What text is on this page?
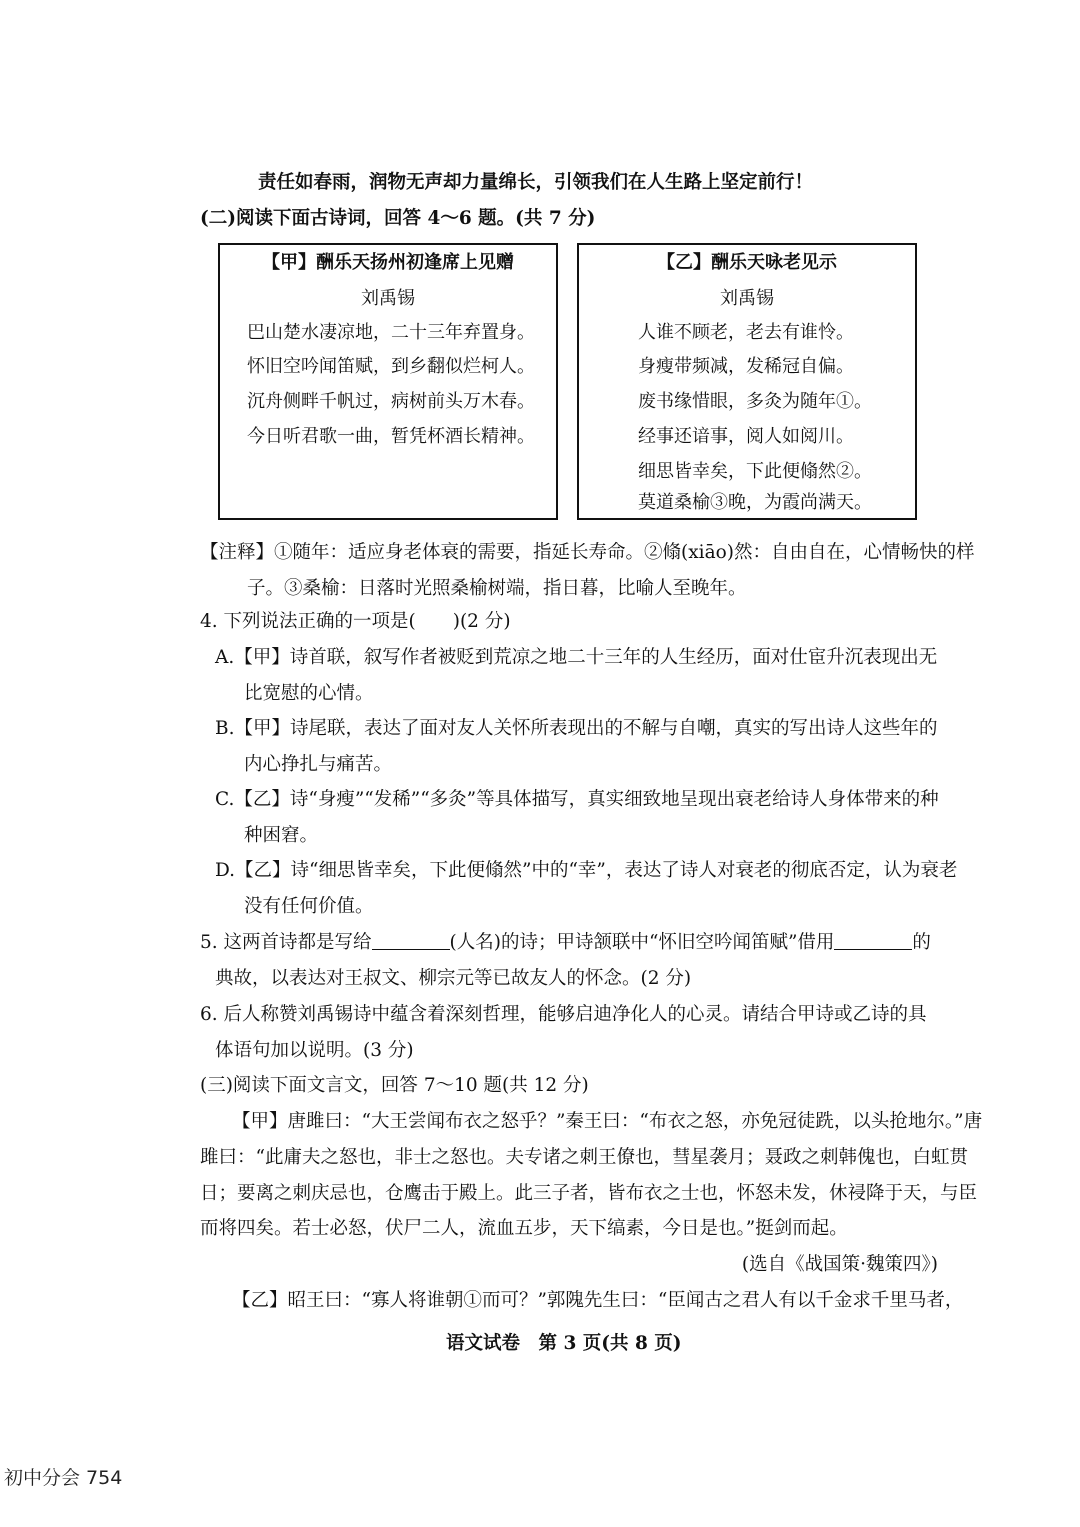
责任如春雨，润物无声却力量绵长，引领我们在人生路上坚定前行！
(二)阅读下面古诗词，回答 4～6 题。(共 7 分)
【甲】酬乐天扬州初逢席上见赠
刘禹锡
巴山楚水凄凉地，二十三年弃置身。
怀旧空吟闻笛赋，到乡翻似烂柯人。
沉舟侧畔千帆过，病树前头万木春。
今日听君歌一曲，暂凭杯酒长精神。
【乙】酬乐天咏老见示
刘禹锡
人谁不顾老，老去有谁怜。
身瘦带频减，发稀冠自偏。
废书缘惜眼，多灸为随年①。
经事还谙事，阅人如阅川。
细思皆幸矣，下此便翛然②。
莫道桑榆③晚，为霞尚满天。
【注释】①随年：适应身老体衰的需要，指延长寿命。②翛(xiāo)然：自由自在，心情畅快的样
子。③桑榆：日落时光照桑榆树端，指日暮，比喻人至晚年。
4. 下列说法正确的一项是(　　)(2 分)
A.【甲】诗首联，叙写作者被贬到荒凉之地二十三年的人生经历，面对仕宦升沉表现出无
比宽慰的心情。
B.【甲】诗尾联，表达了面对友人关怀所表现出的不解与自嘲，真实的写出诗人这些年的
内心挣扎与痛苦。
C.【乙】诗“身瘦”“发稀”“多灸”等具体描写，真实细致地呈现出衰老给诗人身体带来的种
种困窘。
D.【乙】诗“细思皆幸矣，下此便翛然”中的“幸”，表达了诗人对衰老的彻底否定，认为衰老
没有任何价值。
5. 这两首诗都是写给	(人名)的诗；甲诗颔联中“怀旧空吟闻笛赋”借用	的
典故，以表达对王叔文、柳宗元等已故友人的怀念。(2 分)
6. 后人称赞刘禹锡诗中蕴含着深刻哲理，能够启迪净化人的心灵。请结合甲诗或乙诗的具
体语句加以说明。(3 分)
(三)阅读下面文言文，回答 7～10 题(共 12 分)
【甲】唐雎曰：“大王尝闻布衣之怒乎？”秦王曰：“布衣之怒，亦免冠徒跣，以头抢地尔。”唐
雎曰：“此庸夫之怒也，非士之怒也。夫专诸之刺王僚也，彗星袭月；聂政之刺韩傀也，白虹贯
日；要离之刺庆忌也，仓鹰击于殿上。此三子者，皆布衣之士也，怀怒未发，休祲降于天，与臣
而将四矣。若士必怒，伏尸二人，流血五步，天下缟素，今日是也。”挺剑而起。
(选自《战国策·魏策四》)
【乙】昭王曰：“寡人将谁朝①而可？”郭隗先生曰：“臣闻古之君人有以千金求千里马者，
语文试卷　第 3 页(共 8 页)
初中分会 754
